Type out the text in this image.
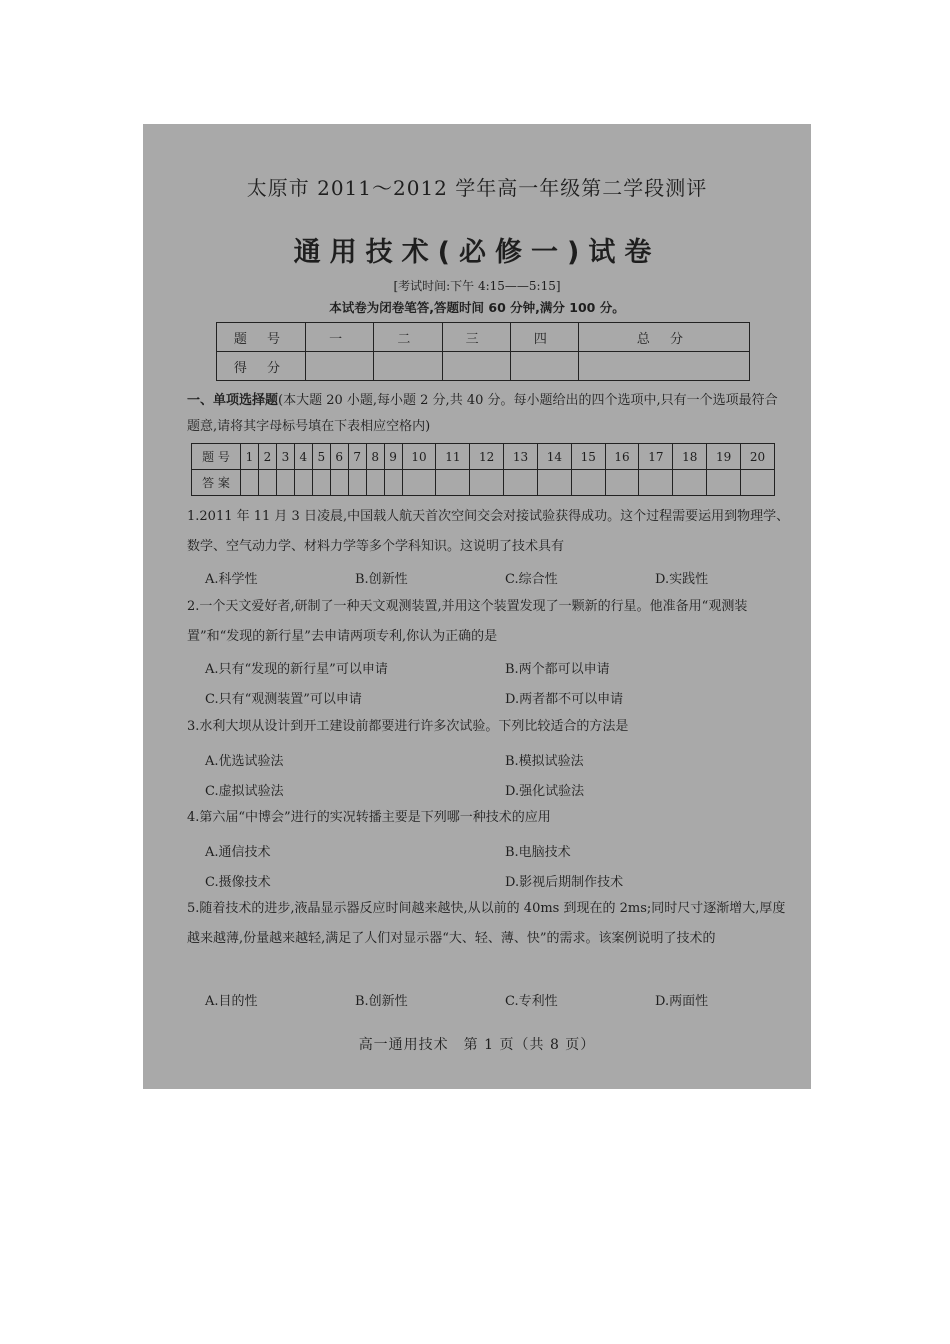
太原市 2011～2012 学年高一年级第二学段测评
通用技术(必修一)试卷
[考试时间:下午 4:15——5:15]
本试卷为闭卷笔答,答题时间 60 分钟,满分 100 分。
题 号	一	二	三	四	总 分
得 分					
一、单项选择题(本大题 20 小题,每小题 2 分,共 40 分。每小题给出的四个选项中,只有一个选项最符合题意,请将其字母标号填在下表相应空格内)
题 号	1	2	3	4	5	6	7	8	9	10	11	12	13	14	15	16	17	18	19	20
答 案																				
1.2011 年 11 月 3 日凌晨,中国载人航天首次空间交会对接试验获得成功。这个过程需要运用到物理学、数学、空气动力学、材料力学等多个学科知识。这说明了技术具有
A.科学性	B.创新性	C.综合性	D.实践性
2.一个天文爱好者,研制了一种天文观测装置,并用这个装置发现了一颗新的行星。他准备用“观测装置”和“发现的新行星”去申请两项专利,你认为正确的是
A.只有“发现的新行星”可以申请	B.两个都可以申请
C.只有“观测装置”可以申请	D.两者都不可以申请
3.水利大坝从设计到开工建设前都要进行许多次试验。下列比较适合的方法是
A.优选试验法	B.模拟试验法
C.虚拟试验法	D.强化试验法
4.第六届“中博会”进行的实况转播主要是下列哪一种技术的应用
A.通信技术	B.电脑技术
C.摄像技术	D.影视后期制作技术
5.随着技术的进步,液晶显示器反应时间越来越快,从以前的 40ms 到现在的 2ms;同时尺寸逐渐增大,厚度越来越薄,份量越来越轻,满足了人们对显示器“大、轻、薄、快”的需求。该案例说明了技术的
A.目的性	B.创新性	C.专利性	D.两面性
高一通用技术　第 1 页（共 8 页）
